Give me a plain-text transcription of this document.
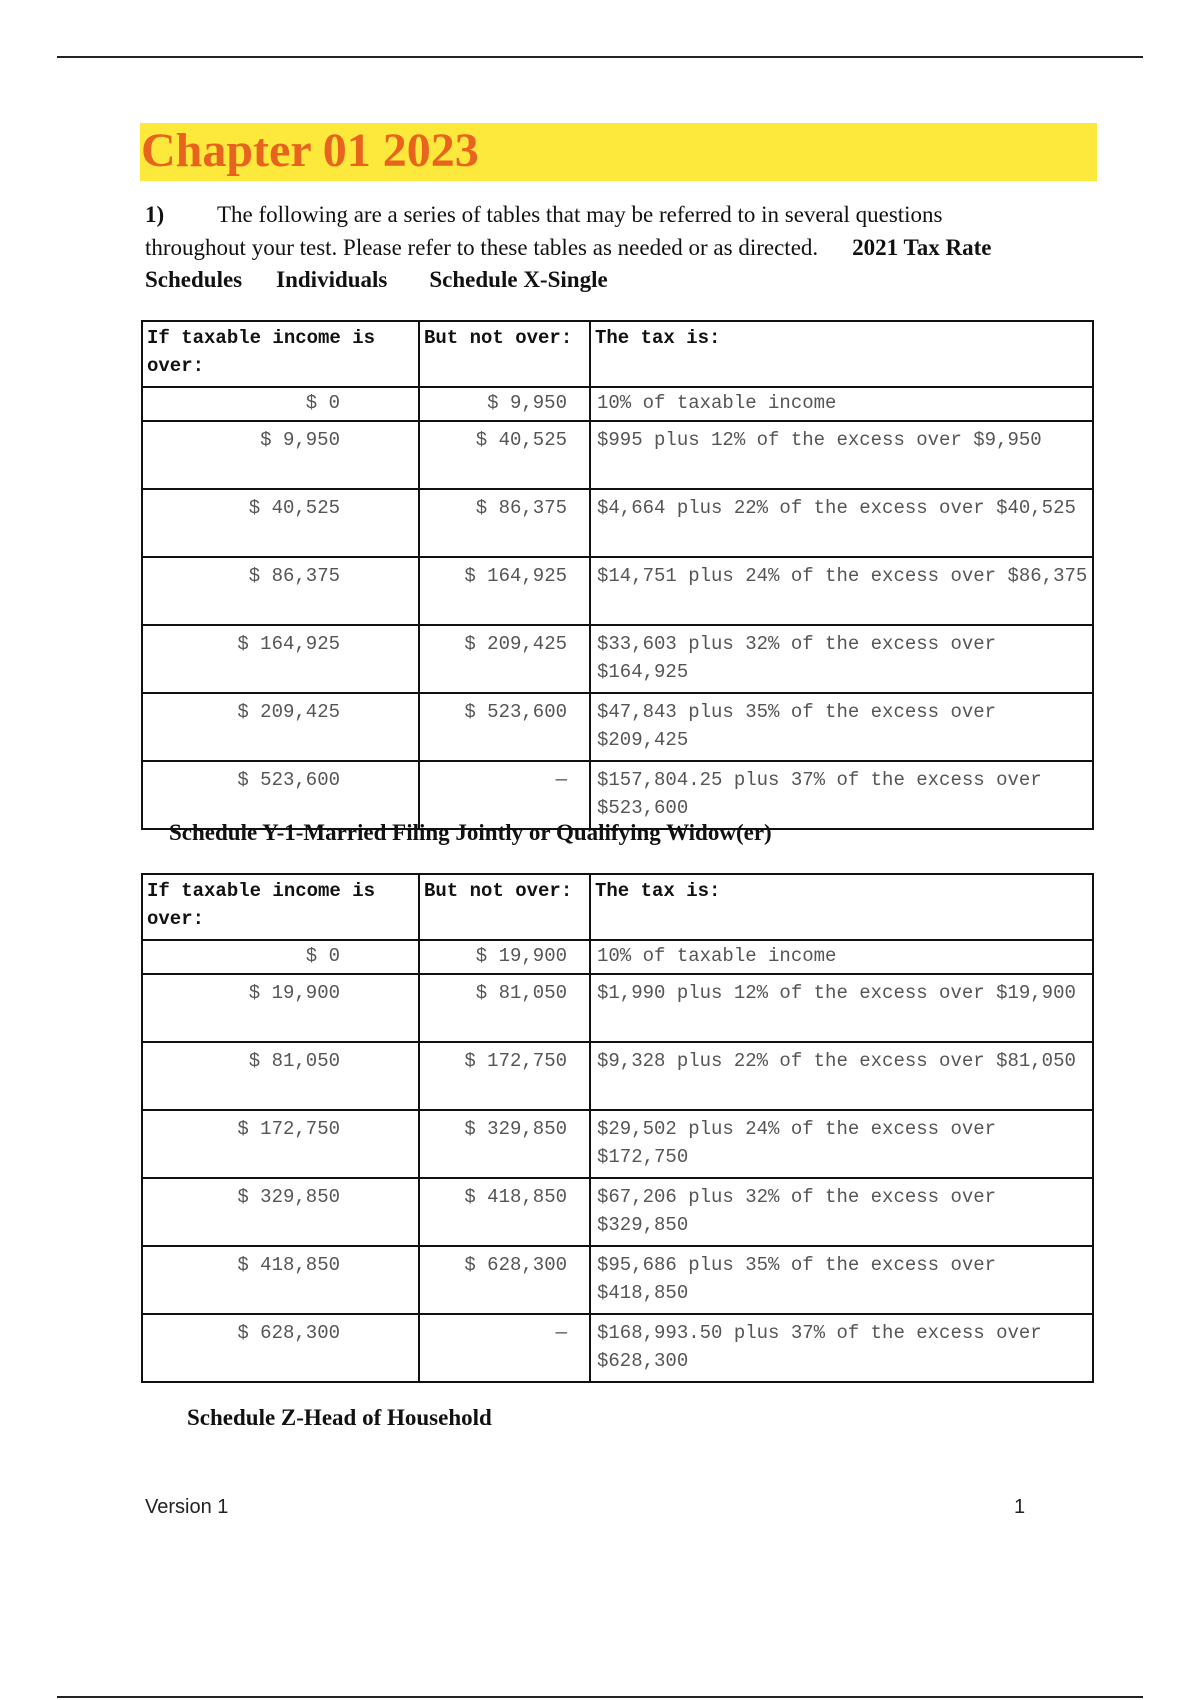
Chapter 01 2023

1) The following are a series of tables that may be referred to in several questions throughout your test. Please refer to these tables as needed or as directed. 2021 Tax Rate Schedules Individuals Schedule X-Single

If taxable income is over:	But not over:	The tax is:
$ 0	$ 9,950	10% of taxable income
$ 9,950	$ 40,525	$995 plus 12% of the excess over $9,950
$ 40,525	$ 86,375	$4,664 plus 22% of the excess over $40,525
$ 86,375	$ 164,925	$14,751 plus 24% of the excess over $86,375
$ 164,925	$ 209,425	$33,603 plus 32% of the excess over $164,925
$ 209,425	$ 523,600	$47,843 plus 35% of the excess over $209,425
$ 523,600	—	$157,804.25 plus 37% of the excess over $523,600

Schedule Y-1-Married Filing Jointly or Qualifying Widow(er)

If taxable income is over:	But not over:	The tax is:
$ 0	$ 19,900	10% of taxable income
$ 19,900	$ 81,050	$1,990 plus 12% of the excess over $19,900
$ 81,050	$ 172,750	$9,328 plus 22% of the excess over $81,050
$ 172,750	$ 329,850	$29,502 plus 24% of the excess over $172,750
$ 329,850	$ 418,850	$67,206 plus 32% of the excess over $329,850
$ 418,850	$ 628,300	$95,686 plus 35% of the excess over $418,850
$ 628,300	—	$168,993.50 plus 37% of the excess over $628,300

Schedule Z-Head of Household

Version 1	1
